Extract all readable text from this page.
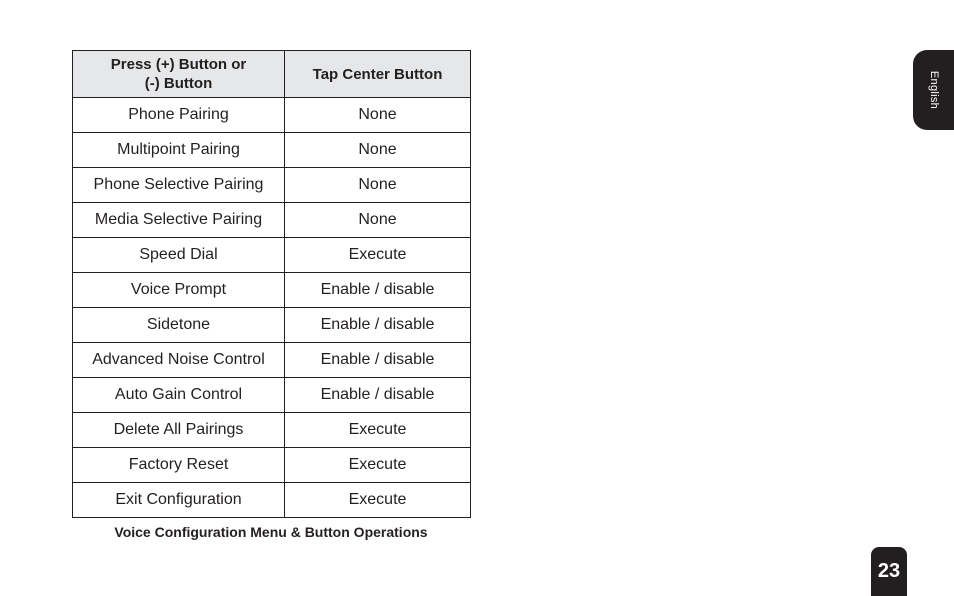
Press (+) Button or
(-) Button	Tap Center Button
Phone Pairing	None
Multipoint Pairing	None
Phone Selective Pairing	None
Media Selective Pairing	None
Speed Dial	Execute
Voice Prompt	Enable / disable
Sidetone	Enable / disable
Advanced Noise Control	Enable / disable
Auto Gain Control	Enable / disable
Delete All Pairings	Execute
Factory Reset	Execute
Exit Configuration	Execute
Voice Configuration Menu & Button Operations
English
23
